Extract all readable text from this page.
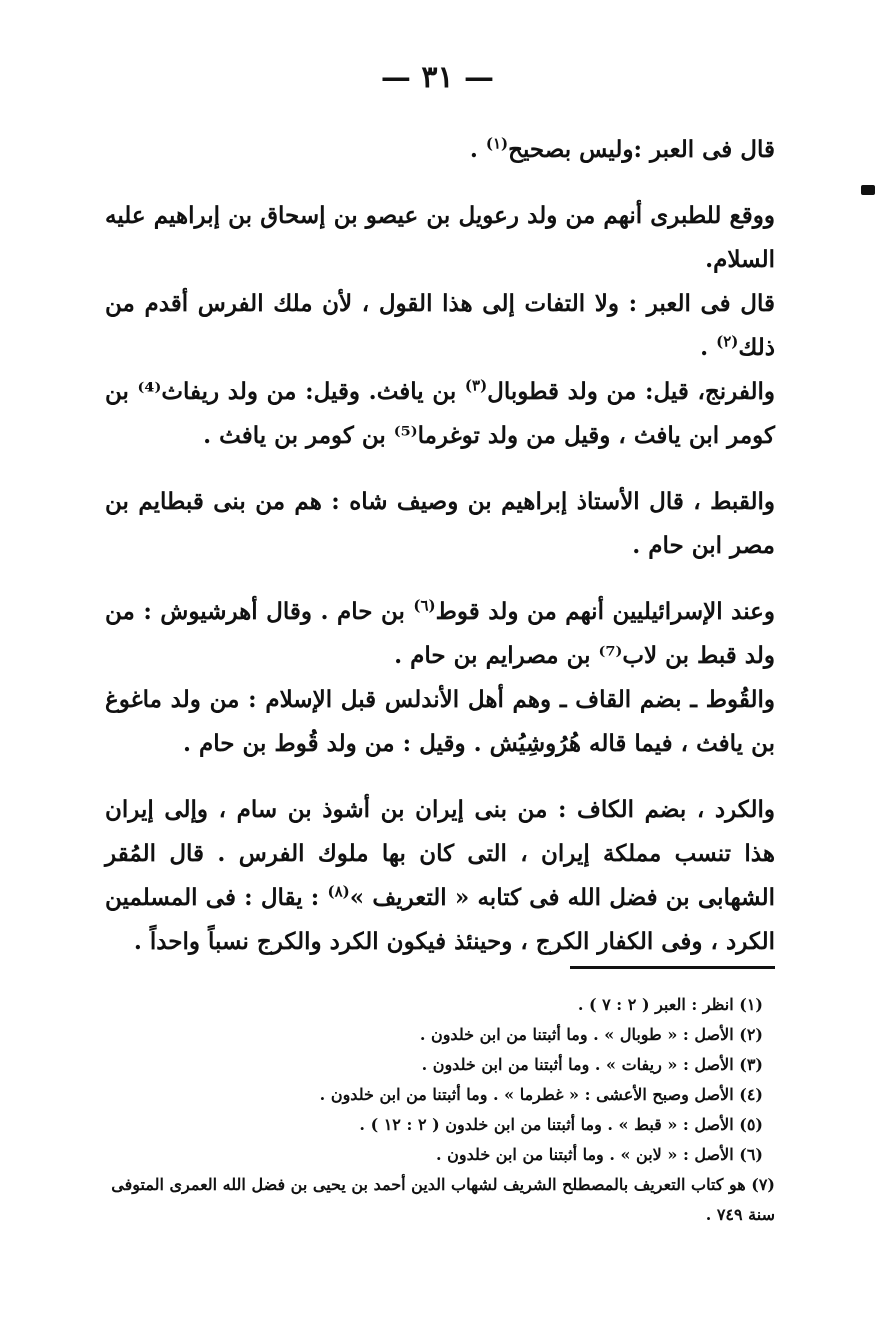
— ٣١ —

قال فى العبر :وليس بصحيح$^{(١)}$ .

ووقع للطبرى أنهم من ولد رعويل بن عيصو بن إسحاق بن إبراهيم عليه السلام.

قال فى العبر : ولا التفات إلى هذا القول ، لأن ملك الفرس أقدم من ذلك$^{(٢)}$ .

والفرنج، قيل: من ولد قطوبال$^{(٣)}$ بن يافث. وقيل: من ولد ريفاث⁽⁴⁾ بن كومر ابن يافث ، وقيل من ولد توغرما⁽⁵⁾ بن كومر بن يافث .

والقبط ، قال الأستاذ إبراهيم بن وصيف شاه : هم من بنى قبطايم بن مصر ابن حام .

وعند الإسرائيليين أنهم من ولد قوط$^{(٦)}$ بن حام . وقال أهرشيوش : من ولد قبط بن لاب⁽⁷⁾ بن مصرايم بن حام .

والقُوط ـ بضم القاف ـ وهم أهل الأندلس قبل الإسلام : من ولد ماغوغ بن يافث ، فيما قاله هُرُوشِيُش . وقيل : من ولد قُوط بن حام .

والكرد ، بضم الكاف : من بنى إيران بن أشوذ بن سام ، وإلى إيران هذا تنسب مملكة إيران ، التى كان بها ملوك الفرس . قال المُقر الشهابى بن فضل الله فى كتابه « التعريف »$^{(٨)}$ : يقال : فى المسلمين الكرد ، وفى الكفار الكرج ، وحينئذ فيكون الكرد والكرج نسباً واحداً .

(١) انظر : العبر ( ٢ : ٧ ) .

(٢) الأصل : « طوبال » . وما أثبتنا من ابن خلدون .

(٣) الأصل : « ريفات » . وما أثبتنا من ابن خلدون .

(٤) الأصل وصبح الأعشى : « غطرما » . وما أثبتنا من ابن خلدون .

(٥) الأصل : « قبط » . وما أثبتنا من ابن خلدون ( ٢ : ١٢ ) .

(٦) الأصل : « لابن » . وما أثبتنا من ابن خلدون .

(٧) هو كتاب التعريف بالمصطلح الشريف لشهاب الدين أحمد بن يحيى بن فضل الله العمرى المتوفى سنة ٧٤٩ .
